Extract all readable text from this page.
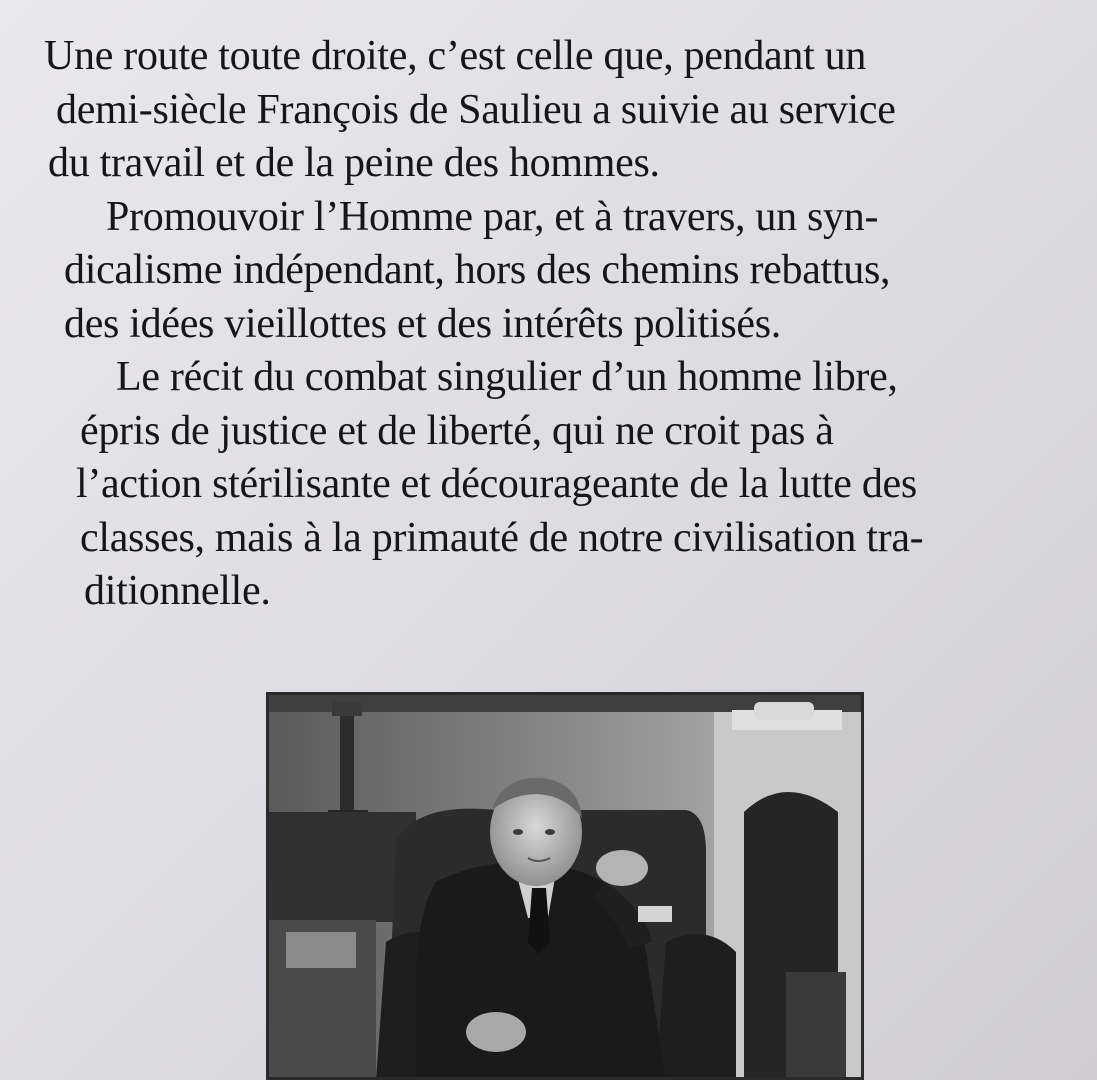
Une route toute droite, c’est celle que, pendant un
demi-siècle François de Saulieu a suivie au service
du travail et de la peine des hommes.

Promouvoir l’Homme par, et à travers, un syn-
dicalisme indépendant, hors des chemins rebattus,
des idées vieillottes et des intérêts politisés.

Le récit du combat singulier d’un homme libre,
épris de justice et de liberté, qui ne croit pas à
l’action stérilisante et décourageante de la lutte des
classes, mais à la primauté de notre civilisation tra-
ditionnelle.
